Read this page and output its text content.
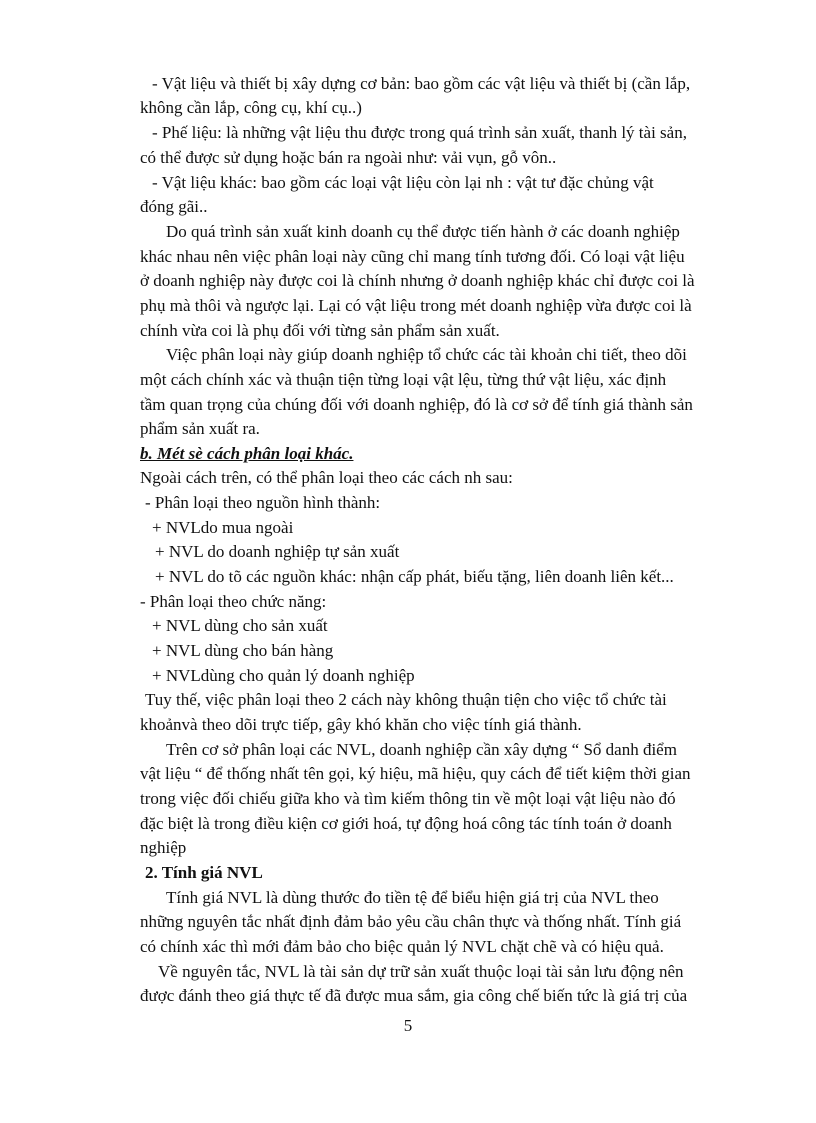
- Vật liệu và thiết bị xây dựng cơ bản: bao gồm các vật liệu và thiết bị (cần lắp,
không cần lắp, công cụ, khí cụ..)
- Phế liệu: là những vật liệu thu được trong quá trình sản xuất, thanh lý tài sản,
có thể được sử dụng hoặc bán ra ngoài như: vải vụn, gỗ vôn..
- Vật liệu khác: bao gồm các loại vật liệu còn lại nh : vật tư đặc chủng vật
đóng gãi..
Do quá trình sản xuất kinh doanh cụ thể được tiến hành ở các doanh nghiệp
khác nhau nên việc phân loại này cũng chỉ mang tính tương đối. Có loại vật liệu
ở doanh nghiệp này được coi là chính nhưng ở doanh nghiệp khác chỉ được coi là
phụ mà thôi và ngược lại. Lại có vật liệu trong mét doanh nghiệp vừa được coi là
chính vừa coi là phụ đối với từng sản phẩm sản xuất.
Việc phân loại này giúp doanh nghiệp tổ chức các tài khoản chi tiết, theo dõi
một cách chính xác và thuận tiện từng loại vật lệu, từng thứ vật liệu, xác định
tầm quan trọng của chúng đối với doanh nghiệp, đó là cơ sở để tính giá thành sản
phẩm sản xuất ra.
b. Mét sè cách phân loại khác.
Ngoài cách trên, có thể phân loại theo các cách nh sau:
- Phân loại theo nguồn hình thành:
+ NVLdo mua ngoài
+ NVL do doanh nghiệp tự sản xuất
+ NVL do tõ các nguồn khác: nhận cấp phát, biếu tặng, liên doanh liên kết...
- Phân loại theo chức năng:
+ NVL dùng cho sản xuất
+ NVL dùng cho bán hàng
+ NVLdùng cho quản lý doanh nghiệp
Tuy thế, việc phân loại theo 2 cách này không thuận tiện cho việc tổ chức tài
khoảnvà theo dõi trực tiếp, gây khó khăn cho việc tính giá thành.
Trên cơ sở phân loại các NVL, doanh nghiệp cần xây dựng “ Sổ danh điểm
vật liệu “ để thống nhất tên gọi, ký hiệu, mã hiệu, quy cách để tiết kiệm thời gian
trong việc đối chiếu giữa kho và tìm kiếm thông tin về một loại vật liệu nào đó
đặc biệt là trong điều kiện cơ giới hoá, tự động hoá công tác tính toán ở doanh
nghiệp
2. Tính giá NVL
Tính giá NVL là dùng thước đo tiền tệ để biểu hiện giá trị của NVL theo
những nguyên tắc nhất định đảm bảo yêu cầu chân thực và thống nhất. Tính giá
có chính xác thì mới đảm bảo cho biệc quản lý NVL chặt chẽ và có hiệu quả.
Về nguyên tắc, NVL là tài sản dự trữ sản xuất thuộc loại tài sản lưu động nên
được đánh theo giá thực tế đã được mua sắm, gia công chế biến tức là giá trị của
5
